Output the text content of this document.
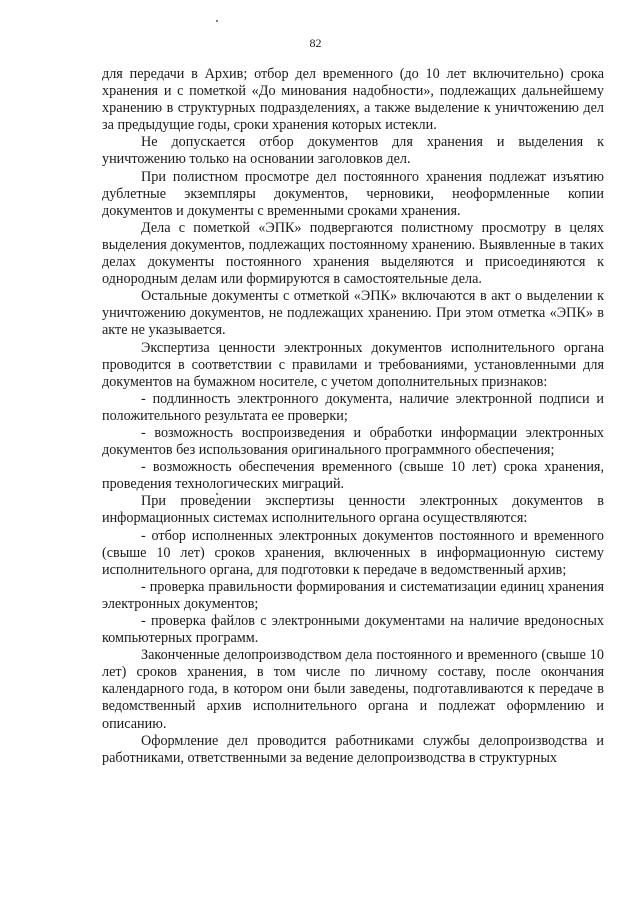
82

для передачи в Архив; отбор дел временного (до 10 лет включительно) срока хранения и с пометкой «До минования надобности», подлежащих дальнейшему хранению в структурных подразделениях, а также выделение к уничтожению дел за предыдущие годы, сроки хранения которых истекли.

Не допускается отбор документов для хранения и выделения к уничтожению только на основании заголовков дел.

При полистном просмотре дел постоянного хранения подлежат изъятию дублетные экземпляры документов, черновики, неоформленные копии документов и документы с временными сроками хранения.

Дела с пометкой «ЭПК» подвергаются полистному просмотру в целях выделения документов, подлежащих постоянному хранению. Выявленные в таких делах документы постоянного хранения выделяются и присоединяются к однородным делам или формируются в самостоятельные дела.

Остальные документы с отметкой «ЭПК» включаются в акт о выделении к уничтожению документов, не подлежащих хранению. При этом отметка «ЭПК» в акте не указывается.

Экспертиза ценности электронных документов исполнительного органа проводится в соответствии с правилами и требованиями, установленными для документов на бумажном носителе, с учетом дополнительных признаков:

- подлинность электронного документа, наличие электронной подписи и положительного результата ее проверки;

- возможность воспроизведения и обработки информации электронных документов без использования оригинального программного обеспечения;

- возможность обеспечения временного (свыше 10 лет) срока хранения, проведения технологических миграций.

При проведении экспертизы ценности электронных документов в информационных системах исполнительного органа осуществляются:

- отбор исполненных электронных документов постоянного и временного (свыше 10 лет) сроков хранения, включенных в информационную систему исполнительного органа, для подготовки к передаче в ведомственный архив;

- проверка правильности формирования и систематизации единиц хранения электронных документов;

- проверка файлов с электронными документами на наличие вредоносных компьютерных программ.

Законченные делопроизводством дела постоянного и временного (свыше 10 лет) сроков хранения, в том числе по личному составу, после окончания календарного года, в котором они были заведены, подготавливаются к передаче в ведомственный архив исполнительного органа и подлежат оформлению и описанию.

Оформление дел проводится работниками службы делопроизводства и работниками, ответственными за ведение делопроизводства в структурных
